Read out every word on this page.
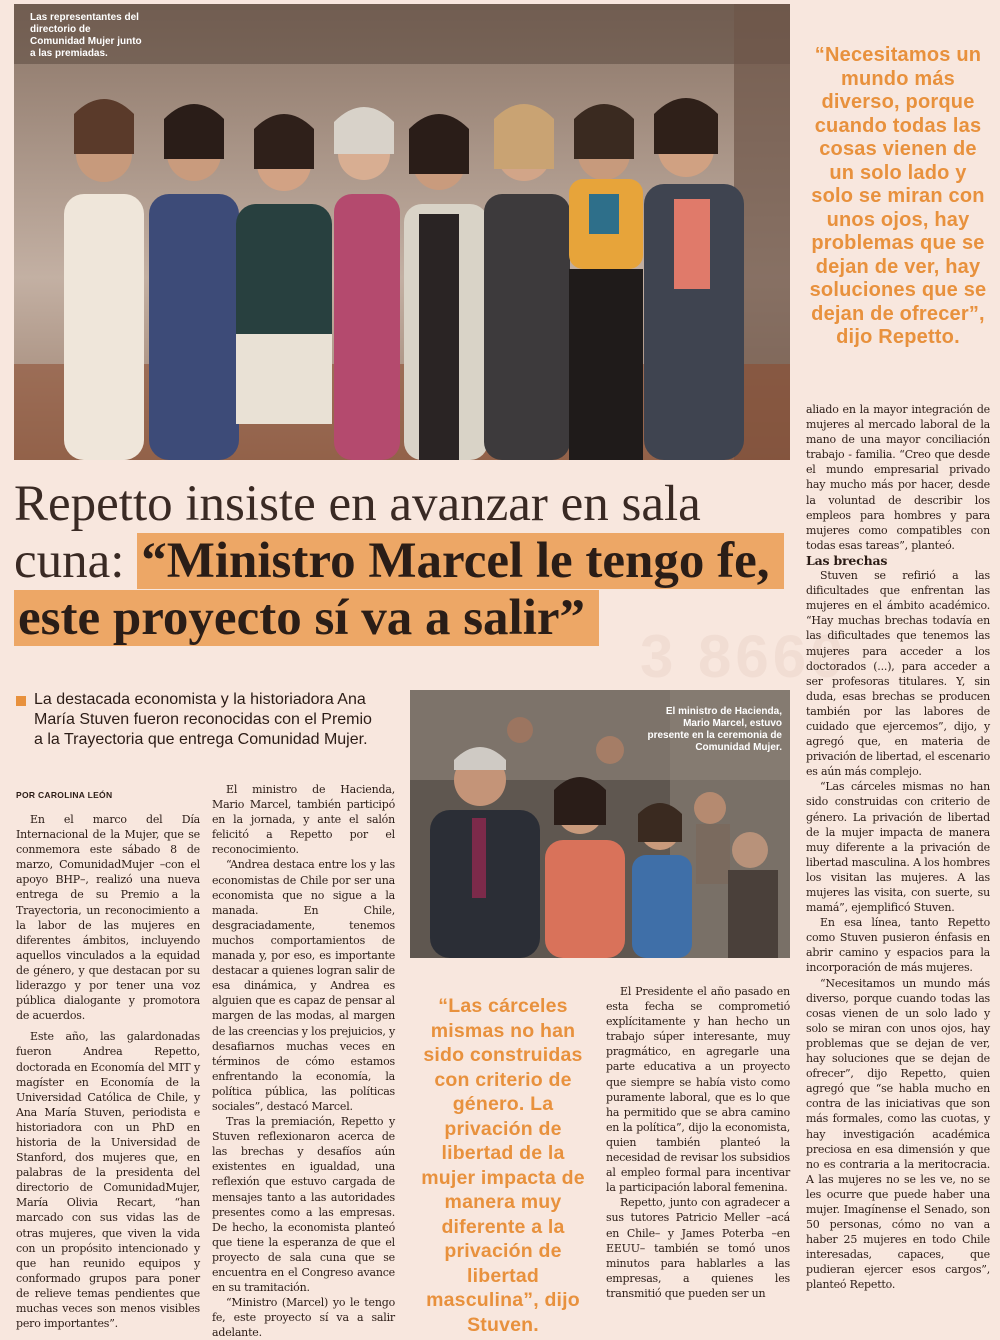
3 8660
Las representantes del directorio de Comunidad Mujer junto a las premiadas.	“Necesitamos un mundo más diverso, porque cuando todas las cosas vienen de un solo lado y solo se miran con unos ojos, hay problemas que se dejan de ver, hay soluciones que se dejan de ofrecer”, dijo Repetto.
Repetto insiste en avanzar en sala cuna: “Ministro Marcel le tengo fe, este proyecto sí va a salir”
La destacada economista y la historiadora Ana María Stuven fueron reconocidas con el Premio a la Trayectoria que entrega Comunidad Mujer.
POR CAROLINA LEÓN

En el marco del Día Internacional de la Mujer, que se conmemora este sábado 8 de marzo, ComunidadMujer –con el apoyo BHP–, realizó una nueva entrega de su Premio a la Trayectoria, un reconocimiento a la labor de las mujeres en diferentes ámbitos, incluyendo aquellos vinculados a la equidad de género, y que destacan por su liderazgo y por tener una voz pública dialogante y promotora de acuerdos.

Este año, las galardonadas fueron Andrea Repetto, doctorada en Economía del MIT y magíster en Economía de la Universidad Católica de Chile, y Ana María Stuven, periodista e historiadora con un PhD en historia de la Universidad de Stanford, dos mujeres que, en palabras de la presidenta del directorio de ComunidadMujer, María Olivia Recart, “han marcado con sus vidas las de otras mujeres, que viven la vida con un propósito intencionado y que han reunido equipos y conformado grupos para poner de relieve temas pendientes que muchas veces son menos visibles pero importantes”.

El ministro de Hacienda, Mario Marcel, también participó en la jornada, y ante el salón felicitó a Repetto por el reconocimiento.

“Andrea destaca entre los y las economistas de Chile por ser una economista que no sigue a la manada. En Chile, desgraciadamente, tenemos muchos comportamientos de manada y, por eso, es importante destacar a quienes logran salir de esa dinámica, y Andrea es alguien que es capaz de pensar al margen de las modas, al margen de las creencias y los prejuicios, y desafiarnos muchas veces en términos de cómo estamos enfrentando la economía, la política pública, las políticas sociales”, destacó Marcel.

Tras la premiación, Repetto y Stuven reflexionaron acerca de las brechas y desafíos aún existentes en igualdad, una reflexión que estuvo cargada de mensajes tanto a las autoridades presentes como a las empresas. De hecho, la economista planteó que tiene la esperanza de que el proyecto de sala cuna que se encuentra en el Congreso avance en su tramitación.

“Ministro (Marcel) yo le tengo fe, este proyecto sí va a salir adelante.

El ministro de Hacienda, Mario Marcel, estuvo presente en la ceremonia de Comunidad Mujer.
“Las cárceles mismas no han sido construidas con criterio de género. La privación de libertad de la mujer impacta de manera muy diferente a la privación de libertad masculina”, dijo Stuven.

El Presidente el año pasado en esta fecha se comprometió explícitamente y han hecho un trabajo súper interesante, muy pragmático, en agregarle una parte educativa a un proyecto que siempre se había visto como puramente laboral, que es lo que ha permitido que se abra camino en la política”, dijo la economista, quien también planteó la necesidad de revisar los subsidios al empleo formal para incentivar la participación laboral femenina.

Repetto, junto con agradecer a sus tutores Patricio Meller –acá en Chile– y James Poterba –en EEUU– también se tomó unos minutos para hablarles a las empresas, a quienes les transmitió que pueden ser un

aliado en la mayor integración de mujeres al mercado laboral de la mano de una mayor conciliación trabajo - familia. “Creo que desde el mundo empresarial privado hay mucho más por hacer, desde la voluntad de describir los empleos para hombres y para mujeres como compatibles con todas esas tareas”, planteó.

Las brechas

Stuven se refirió a las dificultades que enfrentan las mujeres en el ámbito académico. “Hay muchas brechas todavía en las dificultades que tenemos las mujeres para acceder a los doctorados (...), para acceder a ser profesoras titulares. Y, sin duda, esas brechas se producen también por las labores de cuidado que ejercemos”, dijo, y agregó que, en materia de privación de libertad, el escenario es aún más complejo.

“Las cárceles mismas no han sido construidas con criterio de género. La privación de libertad de la mujer impacta de manera muy diferente a la privación de libertad masculina. A los hombres los visitan las mujeres. A las mujeres las visita, con suerte, su mamá”, ejemplificó Stuven.

En esa línea, tanto Repetto como Stuven pusieron énfasis en abrir camino y espacios para la incorporación de más mujeres.

“Necesitamos un mundo más diverso, porque cuando todas las cosas vienen de un solo lado y solo se miran con unos ojos, hay problemas que se dejan de ver, hay soluciones que se dejan de ofrecer”, dijo Repetto, quien agregó que “se habla mucho en contra de las iniciativas que son más formales, como las cuotas, y hay investigación académica preciosa en esa dimensión y que no es contraria a la meritocracia. A las mujeres no se les ve, no se les ocurre que puede haber una mujer. Imagínense el Senado, son 50 personas, cómo no van a haber 25 mujeres en todo Chile interesadas, capaces, que pudieran ejercer esos cargos”, planteó Repetto.
